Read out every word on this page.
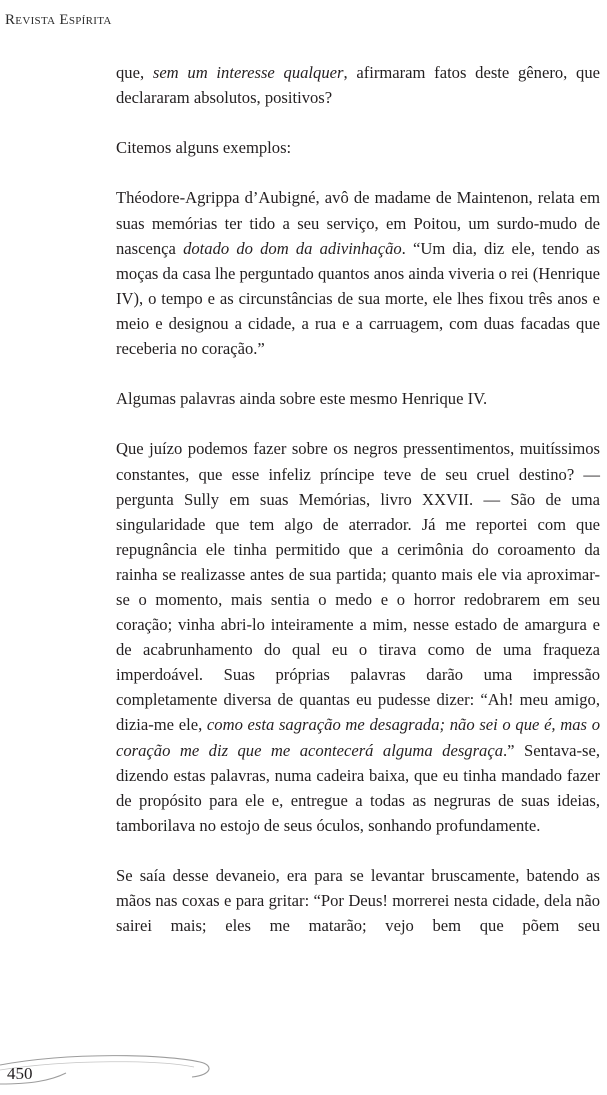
Revista Espírita

que, sem um interesse qualquer, afirmaram fatos deste gênero, que declararam absolutos, positivos?

Citemos alguns exemplos:

Théodore-Agrippa d’Aubigné, avô de madame de Maintenon, relata em suas memórias ter tido a seu serviço, em Poitou, um surdo-mudo de nascença dotado do dom da adivinhação. “Um dia, diz ele, tendo as moças da casa lhe perguntado quantos anos ainda viveria o rei (Henrique IV), o tempo e as circunstâncias de sua morte, ele lhes fixou três anos e meio e designou a cidade, a rua e a carruagem, com duas facadas que receberia no coração.”

Algumas palavras ainda sobre este mesmo Henrique IV.

Que juízo podemos fazer sobre os negros pressentimentos, muitíssimos constantes, que esse infeliz príncipe teve de seu cruel destino? — pergunta Sully em suas Memórias, livro XXVII. — São de uma singularidade que tem algo de aterrador. Já me reportei com que repugnância ele tinha permitido que a cerimônia do coroamento da rainha se realizasse antes de sua partida; quanto mais ele via aproximar-se o momento, mais sentia o medo e o horror redobrarem em seu coração; vinha abri-lo inteiramente a mim, nesse estado de amargura e de acabrunhamento do qual eu o tirava como de uma fraqueza imperdoável. Suas próprias palavras darão uma impressão completamente diversa de quantas eu pudesse dizer: “Ah! meu amigo, dizia-me ele, como esta sagração me desagrada; não sei o que é, mas o coração me diz que me acontecerá alguma desgraça.” Sentava-se, dizendo estas palavras, numa cadeira baixa, que eu tinha mandado fazer de propósito para ele e, entregue a todas as negruras de suas ideias, tamborilava no estojo de seus óculos, sonhando profundamente.

Se saía desse devaneio, era para se levantar bruscamente, batendo as mãos nas coxas e para gritar: “Por Deus! morrerei nesta cidade, dela não sairei mais; eles me matarão; vejo bem que põem seu

450
